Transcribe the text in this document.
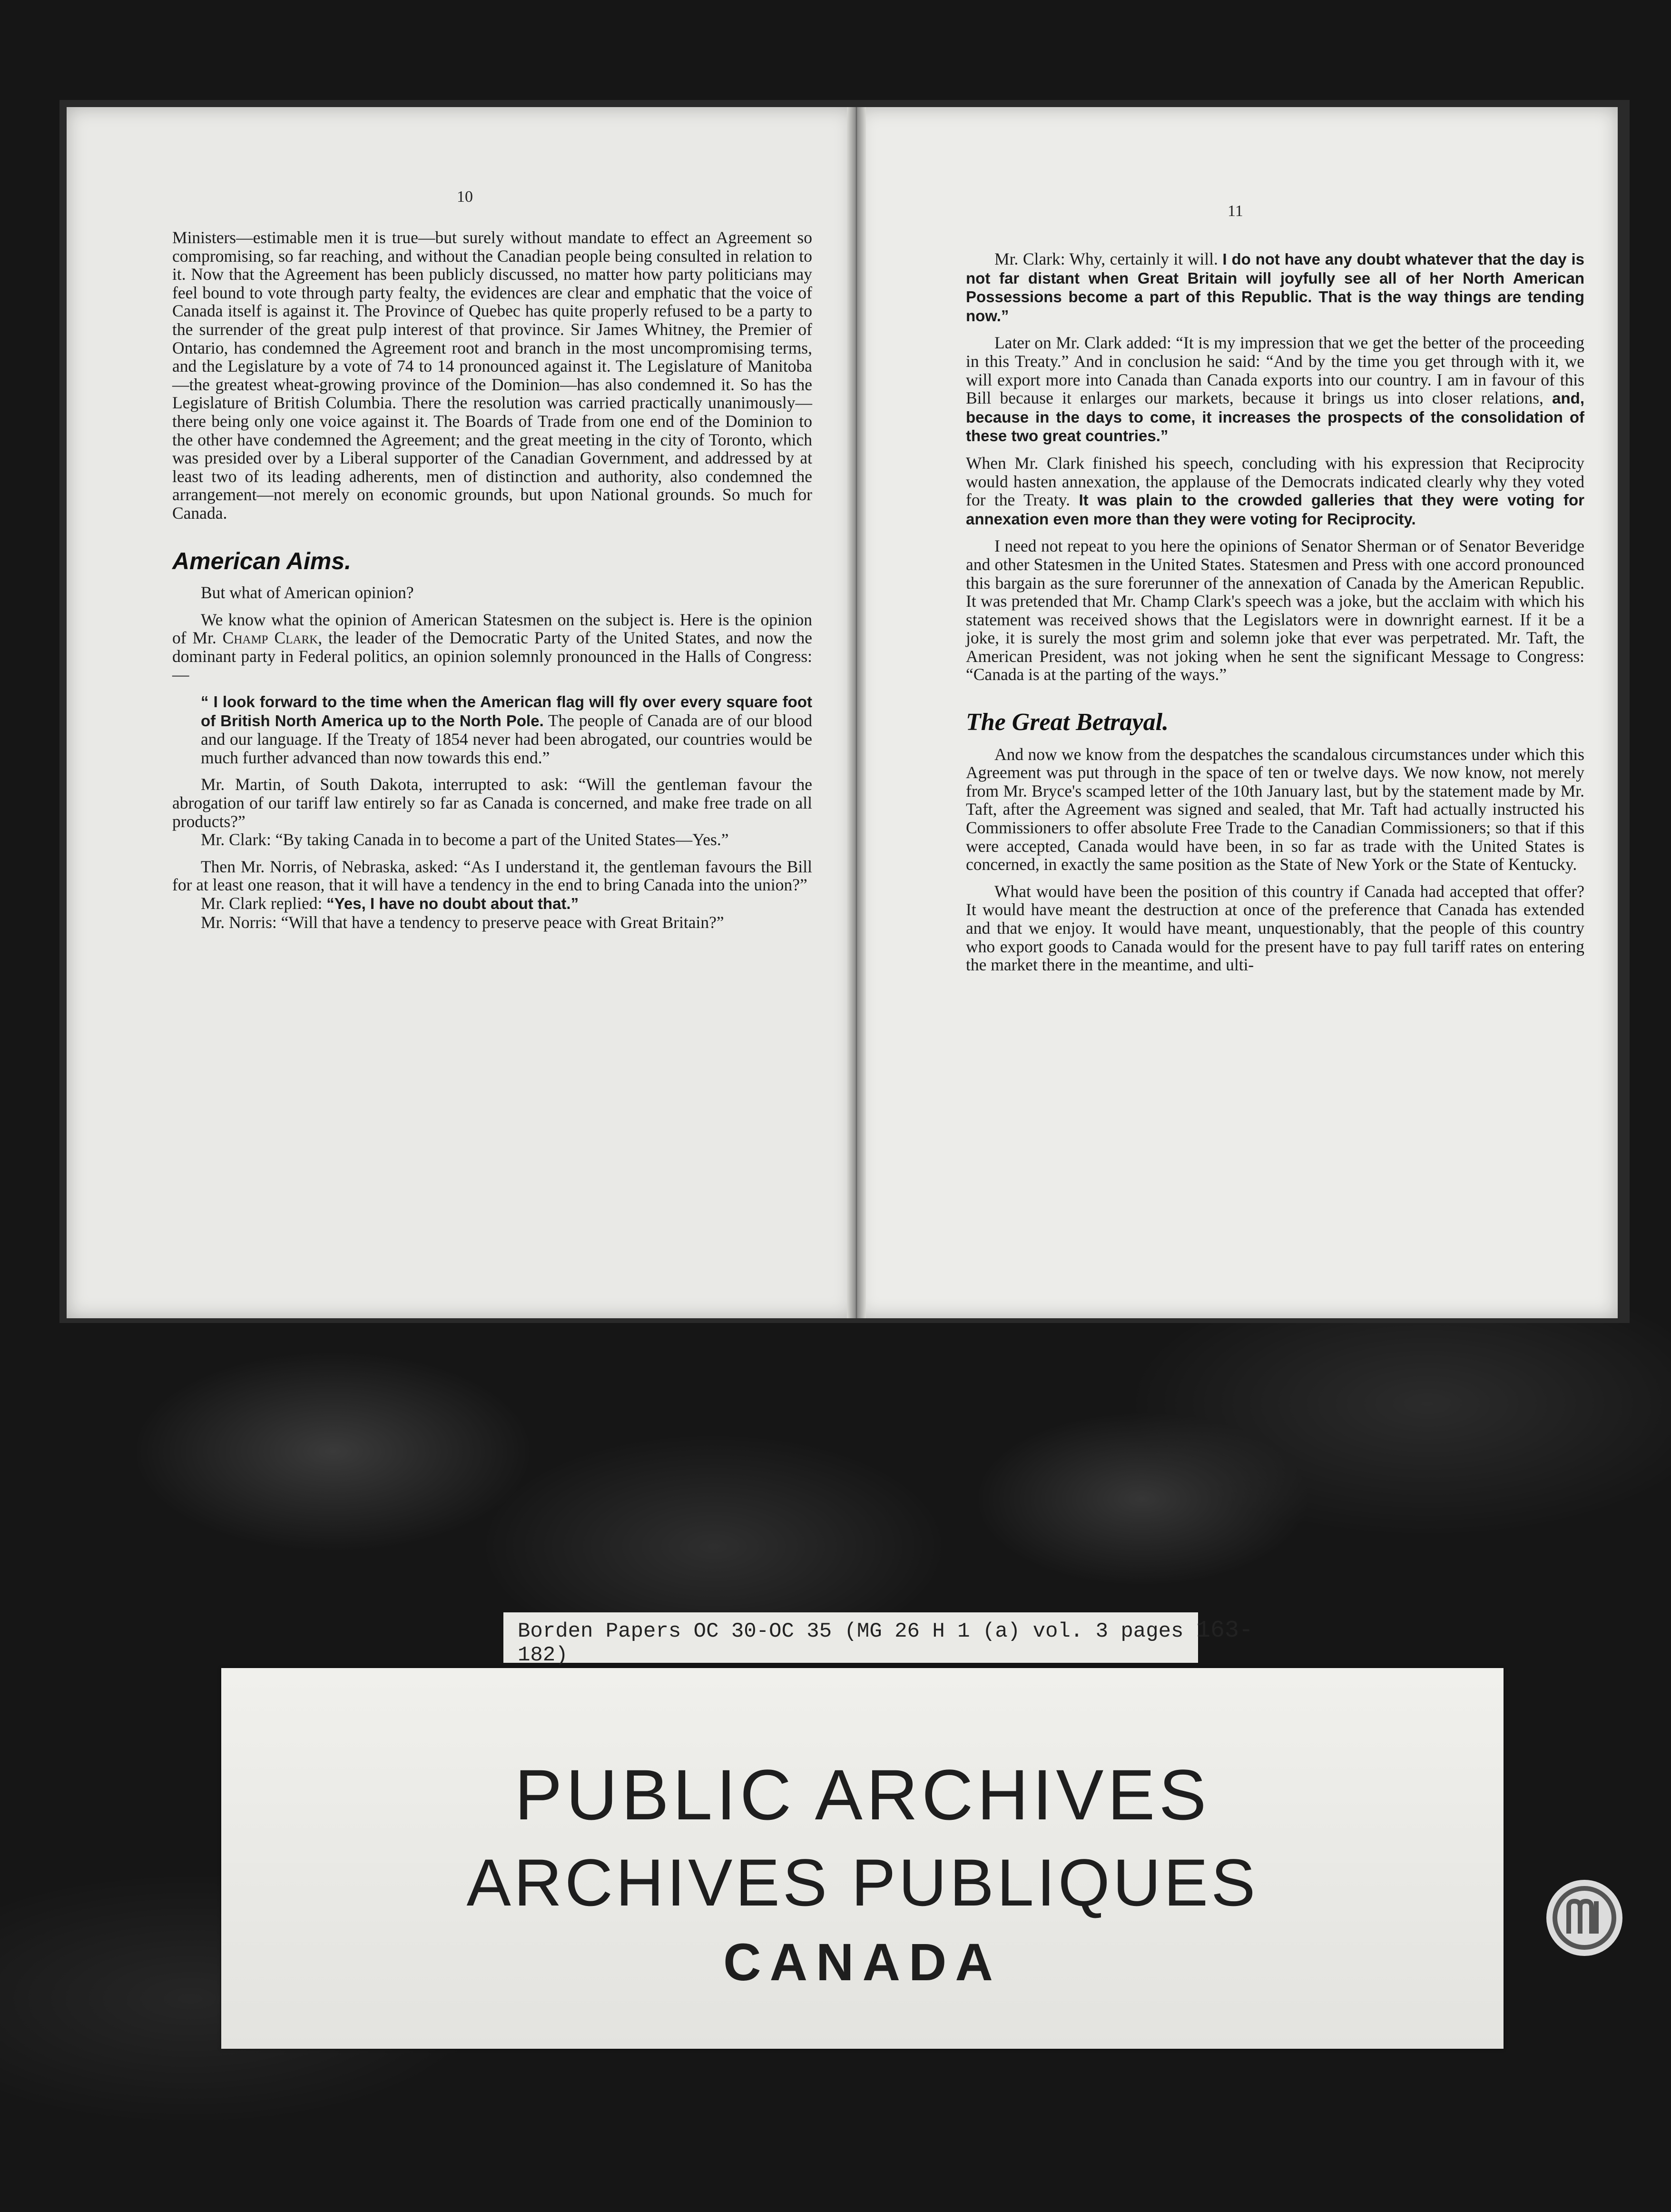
10

Ministers—estimable men it is true—but surely without mandate to effect an Agreement so compromising, so far reaching, and without the Canadian people being consulted in relation to it. Now that the Agreement has been publicly discussed, no matter how party politicians may feel bound to vote through party fealty, the evidences are clear and emphatic that the voice of Canada itself is against it. The Province of Quebec has quite properly refused to be a party to the surrender of the great pulp interest of that province. Sir James Whitney, the Premier of Ontario, has condemned the Agreement root and branch in the most uncompromising terms, and the Legislature by a vote of 74 to 14 pronounced against it. The Legislature of Manitoba—the greatest wheat-growing province of the Dominion—has also condemned it. So has the Legislature of British Columbia. There the resolution was carried practically unanimously—there being only one voice against it. The Boards of Trade from one end of the Dominion to the other have condemned the Agreement; and the great meeting in the city of Toronto, which was presided over by a Liberal supporter of the Canadian Government, and addressed by at least two of its leading adherents, men of distinction and authority, also condemned the arrangement—not merely on economic grounds, but upon National grounds. So much for Canada.

American Aims.

But what of American opinion?

We know what the opinion of American Statesmen on the subject is. Here is the opinion of Mr. Champ Clark, the leader of the Democratic Party of the United States, and now the dominant party in Federal politics, an opinion solemnly pronounced in the Halls of Congress:—

“ I look forward to the time when the American flag will fly over every square foot of British North America up to the North Pole. The people of Canada are of our blood and our language. If the Treaty of 1854 never had been abrogated, our countries would be much further advanced than now towards this end.”

Mr. Martin, of South Dakota, interrupted to ask: “Will the gentleman favour the abrogation of our tariff law entirely so far as Canada is concerned, and make free trade on all products?”

Mr. Clark: “By taking Canada in to become a part of the United States—Yes.”

Then Mr. Norris, of Nebraska, asked: “As I understand it, the gentleman favours the Bill for at least one reason, that it will have a tendency in the end to bring Canada into the union?”

Mr. Clark replied: “Yes, I have no doubt about that.”

Mr. Norris: “Will that have a tendency to preserve peace with Great Britain?”

11

Mr. Clark: Why, certainly it will. I do not have any doubt whatever that the day is not far distant when Great Britain will joyfully see all of her North American Possessions become a part of this Republic. That is the way things are tending now.”

Later on Mr. Clark added: “It is my impression that we get the better of the proceeding in this Treaty.” And in conclusion he said: “And by the time you get through with it, we will export more into Canada than Canada exports into our country. I am in favour of this Bill because it enlarges our markets, because it brings us into closer relations, and, because in the days to come, it increases the prospects of the consolidation of these two great countries.”

When Mr. Clark finished his speech, concluding with his expression that Reciprocity would hasten annexation, the applause of the Democrats indicated clearly why they voted for the Treaty. It was plain to the crowded galleries that they were voting for annexation even more than they were voting for Reciprocity.

I need not repeat to you here the opinions of Senator Sherman or of Senator Beveridge and other Statesmen in the United States. Statesmen and Press with one accord pronounced this bargain as the sure forerunner of the annexation of Canada by the American Republic. It was pretended that Mr. Champ Clark's speech was a joke, but the acclaim with which his statement was received shows that the Legislators were in downright earnest. If it be a joke, it is surely the most grim and solemn joke that ever was perpetrated. Mr. Taft, the American President, was not joking when he sent the significant Message to Congress: “Canada is at the parting of the ways.”

The Great Betrayal.

And now we know from the despatches the scandalous circumstances under which this Agreement was put through in the space of ten or twelve days. We now know, not merely from Mr. Bryce's scamped letter of the 10th January last, but by the statement made by Mr. Taft, after the Agreement was signed and sealed, that Mr. Taft had actually instructed his Commissioners to offer absolute Free Trade to the Canadian Commissioners; so that if this were accepted, Canada would have been, in so far as trade with the United States is concerned, in exactly the same position as the State of New York or the State of Kentucky.

What would have been the position of this country if Canada had accepted that offer? It would have meant the destruction at once of the preference that Canada has extended and that we enjoy. It would have meant, unquestionably, that the people of this country who export goods to Canada would for the present have to pay full tariff rates on entering the market there in the meantime, and ulti-

Borden Papers OC 30-OC 35 (MG 26 H 1 (a) vol. 3 pages 163-
182)
PUBLIC ARCHIVES
ARCHIVES PUBLIQUES
CANADA
